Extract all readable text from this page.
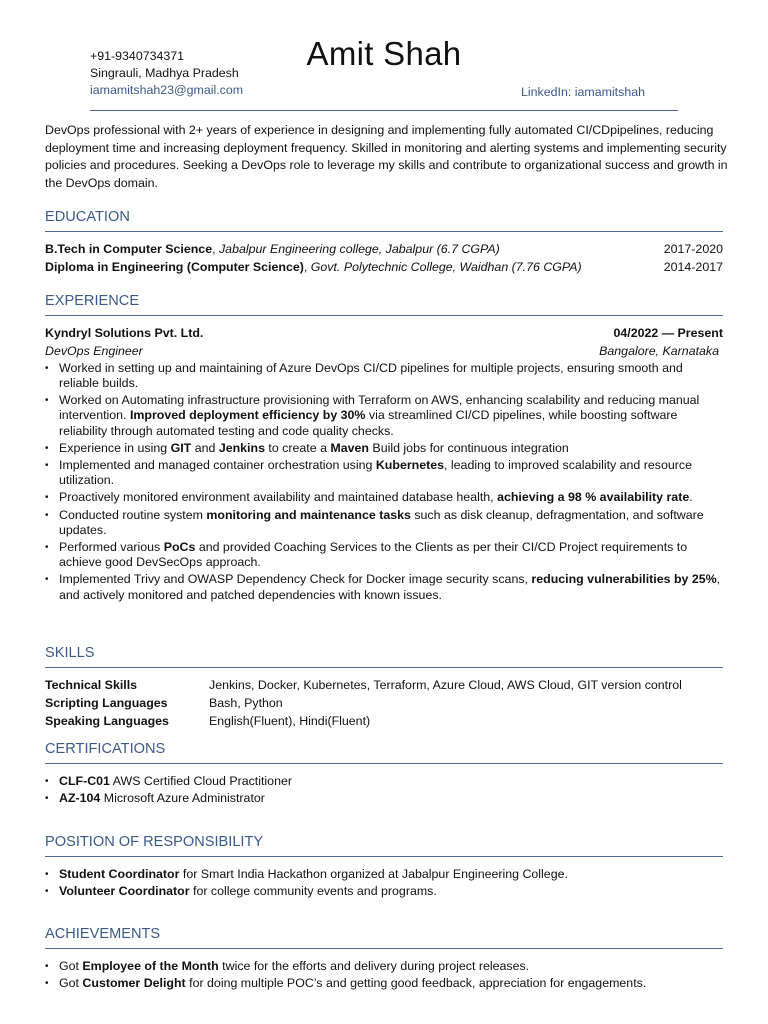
+91-9340734371
Singrauli, Madhya Pradesh
iamamitshah23@gmail.com
Amit Shah
LinkedIn: iamamitshah

DevOps professional with 2+ years of experience in designing and implementing fully automated CI/CDpipelines, reducing deployment time and increasing deployment frequency. Skilled in monitoring and alerting systems and implementing security policies and procedures. Seeking a DevOps role to leverage my skills and contribute to organizational success and growth in the DevOps domain.

EDUCATION
B.Tech in Computer Science, Jabalpur Engineering college, Jabalpur (6.7 CGPA)	2017-2020
Diploma in Engineering (Computer Science), Govt. Polytechnic College, Waidhan (7.76 CGPA)	2014-2017
EXPERIENCE
Kyndryl Solutions Pvt. Ltd.	04/2022 — Present
DevOps Engineer	Bangalore, Karnataka
• Worked in setting up and maintaining of Azure DevOps CI/CD pipelines for multiple projects, ensuring smooth and reliable builds.
• Worked on Automating infrastructure provisioning with Terraform on AWS, enhancing scalability and reducing manual intervention. Improved deployment efficiency by 30% via streamlined CI/CD pipelines, while boosting software reliability through automated testing and code quality checks.
• Experience in using GIT and Jenkins to create a Maven Build jobs for continuous integration
• Implemented and managed container orchestration using Kubernetes, leading to improved scalability and resource utilization.
• Proactively monitored environment availability and maintained database health, achieving a 98 % availability rate.
• Conducted routine system monitoring and maintenance tasks such as disk cleanup, defragmentation, and software updates.
• Performed various PoCs and provided Coaching Services to the Clients as per their CI/CD Project requirements to achieve good DevSecOps approach.
• Implemented Trivy and OWASP Dependency Check for Docker image security scans, reducing vulnerabilities by 25%, and actively monitored and patched dependencies with known issues.
SKILLS
Technical Skills	Jenkins, Docker, Kubernetes, Terraform, Azure Cloud, AWS Cloud, GIT version control
Scripting Languages	Bash, Python
Speaking Languages	English(Fluent), Hindi(Fluent)
CERTIFICATIONS
• CLF-C01 AWS Certified Cloud Practitioner
• AZ-104 Microsoft Azure Administrator
POSITION OF RESPONSIBILITY
• Student Coordinator for Smart India Hackathon organized at Jabalpur Engineering College.
• Volunteer Coordinator for college community events and programs.
ACHIEVEMENTS
• Got Employee of the Month twice for the efforts and delivery during project releases.
• Got Customer Delight for doing multiple POC’s and getting good feedback, appreciation for engagements.
